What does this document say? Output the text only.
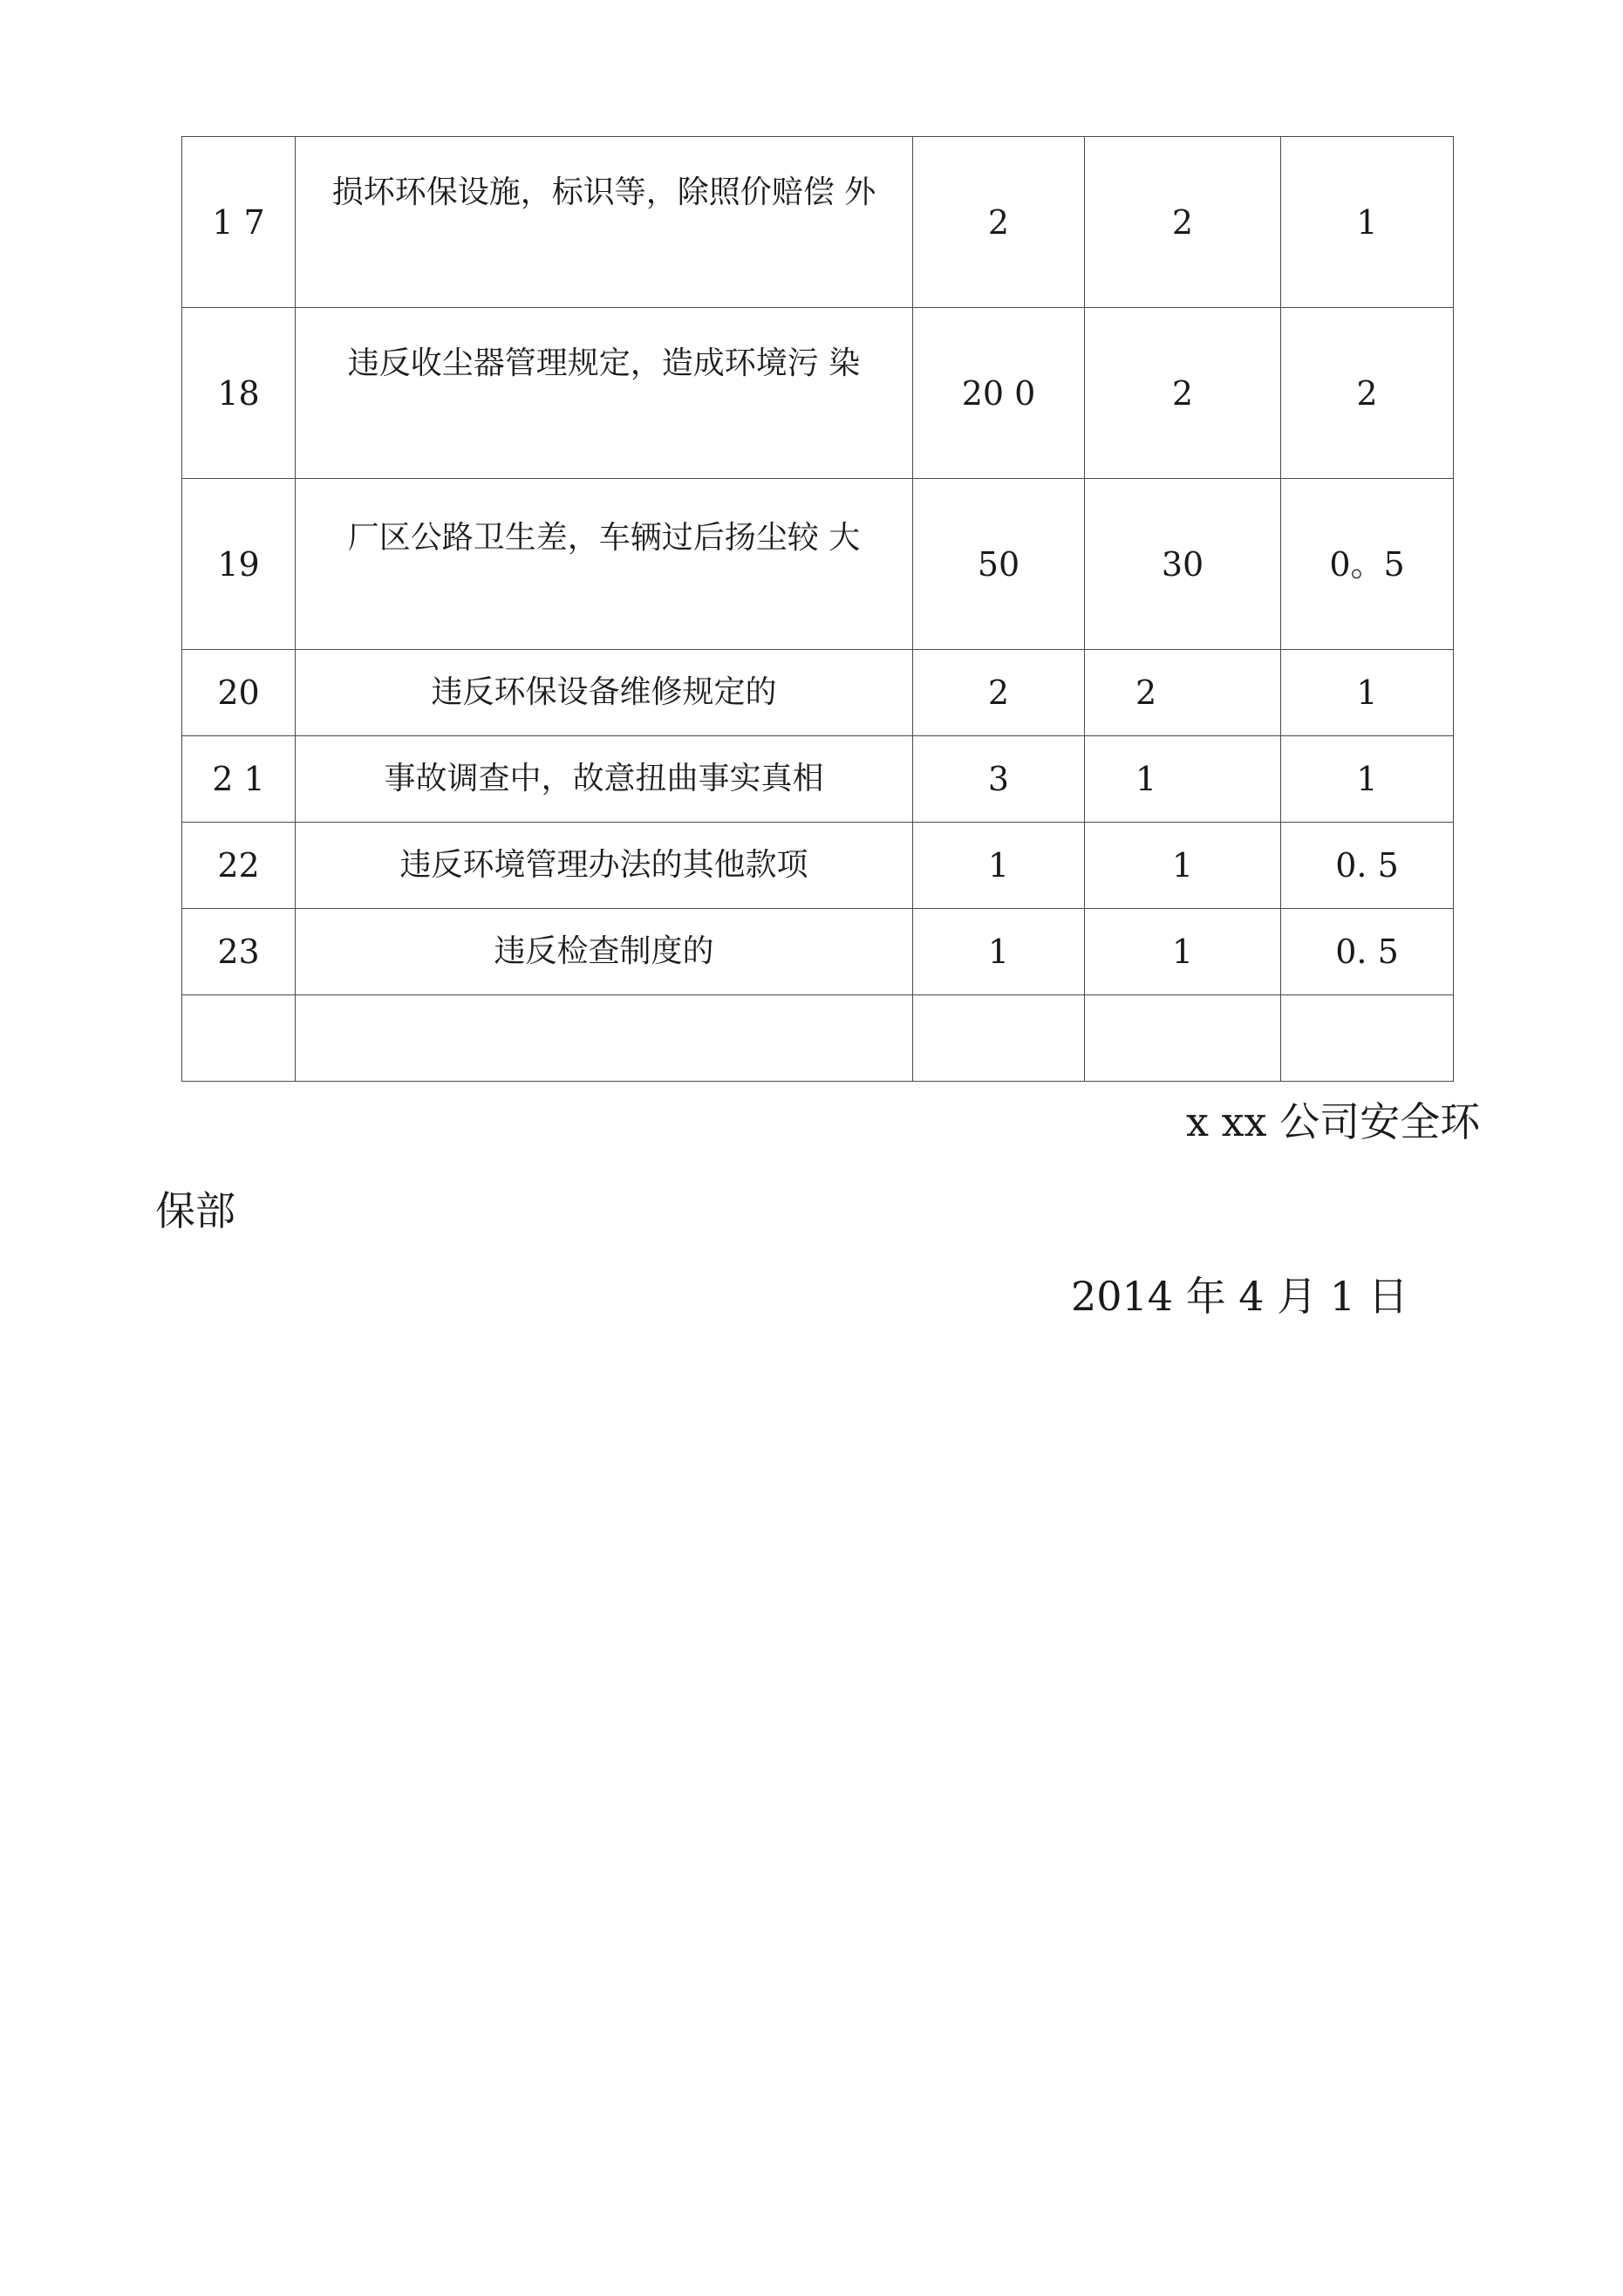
1 7	损坏环保设施，标识等，除照价赔偿 外	2	2	1
18	违反收尘器管理规定，造成环境污 染	20 0	2	2
19	厂区公路卫生差，车辆过后扬尘较 大	50	30	0。5
20	违反环保设备维修规定的	2	2	1
2 1	事故调查中，故意扭曲事实真相	3	1	1
22	违反环境管理办法的其他款项	1	1	0. 5
23	违反检查制度的	1	1	0. 5

x xx 公司安全环
保部
2014 年 4 月 1 日
